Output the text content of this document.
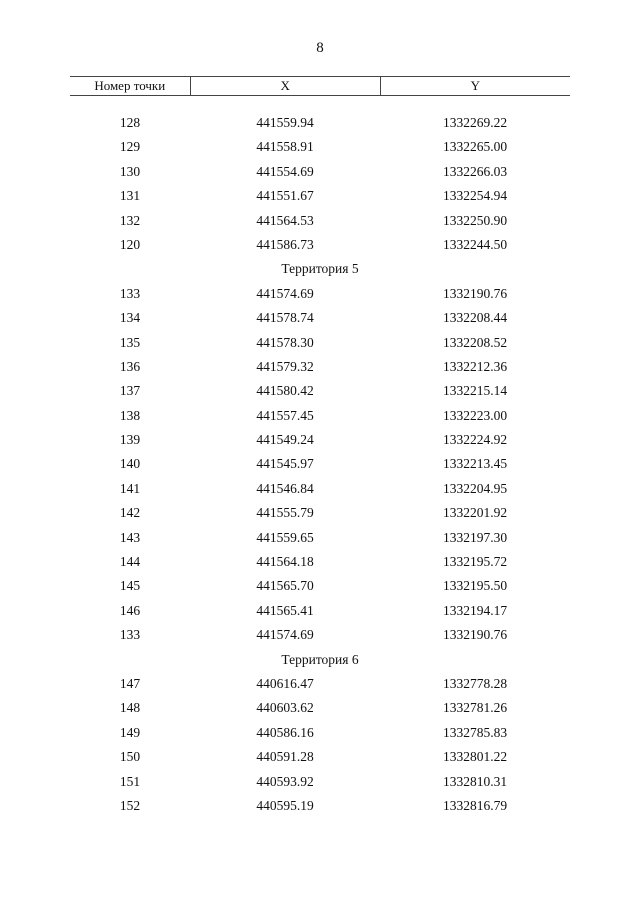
8
Номер точки	X	Y
128	441559.94	1332269.22
129	441558.91	1332265.00
130	441554.69	1332266.03
131	441551.67	1332254.94
132	441564.53	1332250.90
120	441586.73	1332244.50
Территория 5
133	441574.69	1332190.76
134	441578.74	1332208.44
135	441578.30	1332208.52
136	441579.32	1332212.36
137	441580.42	1332215.14
138	441557.45	1332223.00
139	441549.24	1332224.92
140	441545.97	1332213.45
141	441546.84	1332204.95
142	441555.79	1332201.92
143	441559.65	1332197.30
144	441564.18	1332195.72
145	441565.70	1332195.50
146	441565.41	1332194.17
133	441574.69	1332190.76
Территория 6
147	440616.47	1332778.28
148	440603.62	1332781.26
149	440586.16	1332785.83
150	440591.28	1332801.22
151	440593.92	1332810.31
152	440595.19	1332816.79
